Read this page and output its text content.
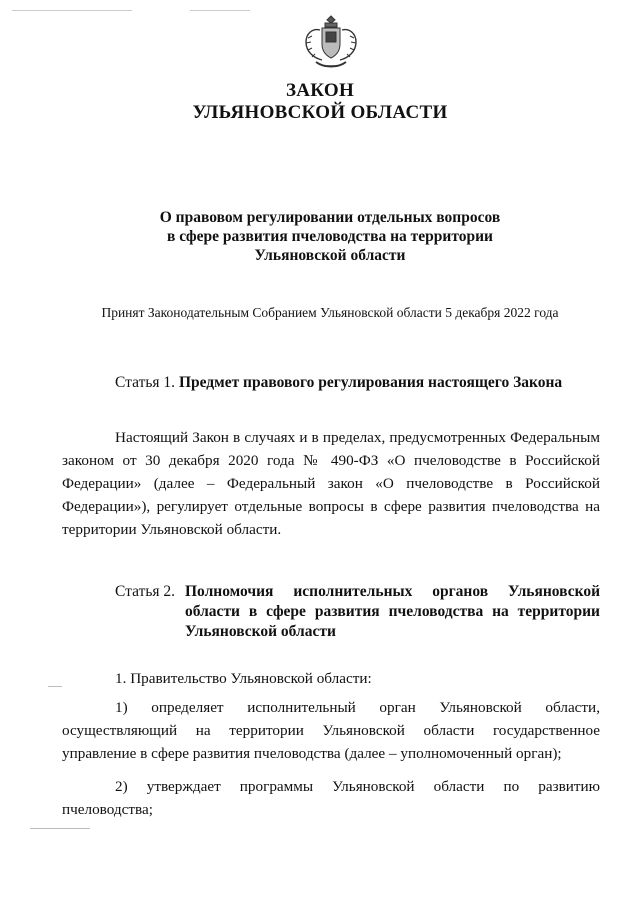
ЗАКОН
УЛЬЯНОВСКОЙ ОБЛАСТИ
О правовом регулировании отдельных вопросов
в сфере развития пчеловодства на территории
Ульяновской области
Принят Законодательным Собранием Ульяновской области 5 декабря 2022 года
Статья 1. Предмет правового регулирования настоящего Закона
Настоящий Закон в случаях и в пределах, предусмотренных Федеральным законом от 30 декабря 2020 года № 490-ФЗ «О пчеловодстве в Российской Федерации» (далее – Федеральный закон «О пчеловодстве в Российской Федерации»), регулирует отдельные вопросы в сфере развития пчеловодства на территории Ульяновской области.
Статья 2. Полномочия исполнительных органов Ульяновской области в сфере развития пчеловодства на территории Ульяновской области
1. Правительство Ульяновской области:
1) определяет исполнительный орган Ульяновской области, осуществляющий на территории Ульяновской области государственное управление в сфере развития пчеловодства (далее – уполномоченный орган);
2) утверждает программы Ульяновской области по развитию пчеловодства;
